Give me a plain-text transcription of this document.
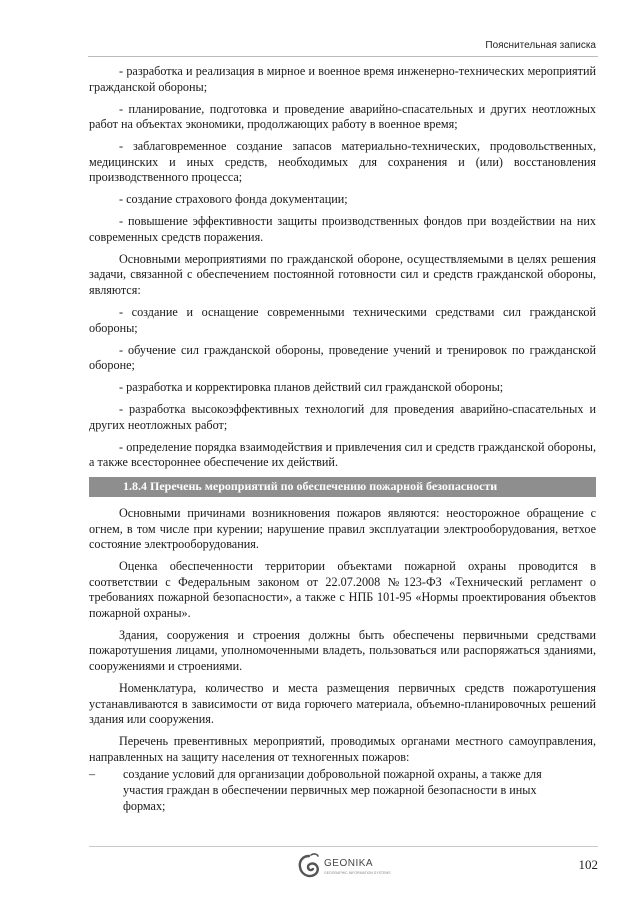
Пояснительная записка

- разработка и реализация в мирное и военное время инженерно-технических мероприятий гражданской обороны;

- планирование, подготовка и проведение аварийно-спасательных и других неотложных работ на объектах экономики, продолжающих работу в военное время;

- заблаговременное создание запасов материально-технических, продовольственных, медицинских и иных средств, необходимых для сохранения и (или) восстановления производственного процесса;

- создание страхового фонда документации;

- повышение эффективности защиты производственных фондов при воздействии на них современных средств поражения.

Основными мероприятиями по гражданской обороне, осуществляемыми в целях решения задачи, связанной с обеспечением постоянной готовности сил и средств гражданской обороны, являются:

- создание и оснащение современными техническими средствами сил гражданской обороны;

- обучение сил гражданской обороны, проведение учений и тренировок по гражданской обороне;

- разработка и корректировка планов действий сил гражданской обороны;

- разработка высокоэффективных технологий для проведения аварийно-спасательных и других неотложных работ;

- определение порядка взаимодействия и привлечения сил и средств гражданской обороны, а также всестороннее обеспечение их действий.

1.8.4 Перечень мероприятий по обеспечению пожарной безопасности

Основными причинами возникновения пожаров являются: неосторожное обращение с огнем, в том числе при курении; нарушение правил эксплуатации электрооборудования, ветхое состояние электрооборудования.

Оценка обеспеченности территории объектами пожарной охраны проводится в соответствии с Федеральным законом от 22.07.2008 №123-ФЗ «Технический регламент о требованиях пожарной безопасности», а также с НПБ 101-95 «Нормы проектирования объектов пожарной охраны».

Здания, сооружения и строения должны быть обеспечены первичными средствами пожаротушения лицами, уполномоченными владеть, пользоваться или распоряжаться зданиями, сооружениями и строениями.

Номенклатура, количество и места размещения первичных средств пожаротушения устанавливаются в зависимости от вида горючего материала, объемно-планировочных решений здания или сооружения.

Перечень превентивных мероприятий, проводимых органами местного самоуправления, направленных на защиту населения от техногенных пожаров:

– создание условий для организации добровольной пожарной охраны, а также для участия граждан в обеспечении первичных мер пожарной безопасности в иных формах;
GEONIKA
GEOGRAPHIC INFORMATION SYSTEMS
102
